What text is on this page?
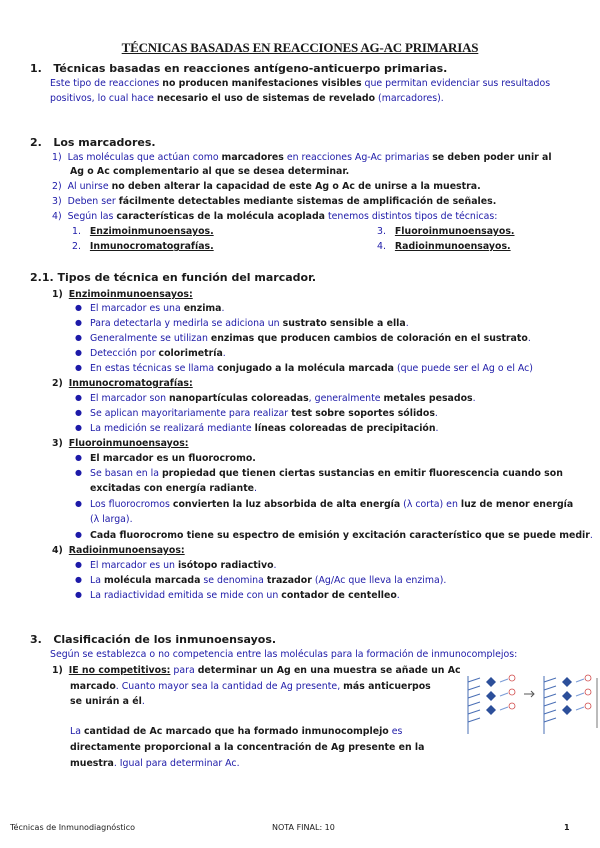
TÉCNICAS BASADAS EN REACCIONES AG-AC PRIMARIAS
1. Técnicas basadas en reacciones antígeno-anticuerpo primarias.
Este tipo de reacciones no producen manifestaciones visibles que permitan evidenciar sus resultados
positivos, lo cual hace necesario el uso de sistemas de revelado (marcadores).
2. Los marcadores.
1) Las moléculas que actúan como marcadores en reacciones Ag-Ac primarias se deben poder unir al
Ag o Ac complementario al que se desea determinar.
2) Al unirse no deben alterar la capacidad de este Ag o Ac de unirse a la muestra.
3) Deben ser fácilmente detectables mediante sistemas de amplificación de señales.
4) Según las características de la molécula acoplada tenemos distintos tipos de técnicas:
1. Enzimoinmunoensayos.
2. Inmunocromatografías.
3. Fluoroinmunoensayos.
4. Radioinmunoensayos.
2.1. Tipos de técnica en función del marcador.
1) Enzimoinmunoensayos:
● El marcador es una enzima.
● Para detectarla y medirla se adiciona un sustrato sensible a ella.
● Generalmente se utilizan enzimas que producen cambios de coloración en el sustrato.
● Detección por colorimetría.
● En estas técnicas se llama conjugado a la molécula marcada (que puede ser el Ag o el Ac)
2) Inmunocromatografías:
● El marcador son nanopartículas coloreadas, generalmente metales pesados.
● Se aplican mayoritariamente para realizar test sobre soportes sólidos.
● La medición se realizará mediante líneas coloreadas de precipitación.
3) Fluoroinmunoensayos:
● El marcador es un fluorocromo.
● Se basan en la propiedad que tienen ciertas sustancias en emitir fluorescencia cuando son
excitadas con energía radiante.
● Los fluorocromos convierten la luz absorbida de alta energía (λ corta) en luz de menor energía
(λ larga).
● Cada fluorocromo tiene su espectro de emisión y excitación característico que se puede medir.
4) Radioinmunoensayos:
● El marcador es un isótopo radiactivo.
● La molécula marcada se denomina trazador (Ag/Ac que lleva la enzima).
● La radiactividad emitida se mide con un contador de centelleo.
3. Clasificación de los inmunoensayos.
Según se establezca o no competencia entre las moléculas para la formación de inmunocomplejos:
1) IE no competitivos: para determinar un Ag en una muestra se añade un Ac
marcado. Cuanto mayor sea la cantidad de Ag presente, más anticuerpos
se unirán a él.
La cantidad de Ac marcado que ha formado inmunocomplejo es
directamente proporcional a la concentración de Ag presente en la
muestra. Igual para determinar Ac.
Técnicas de Inmunodiagnóstico	NOTA FINAL: 10	1
